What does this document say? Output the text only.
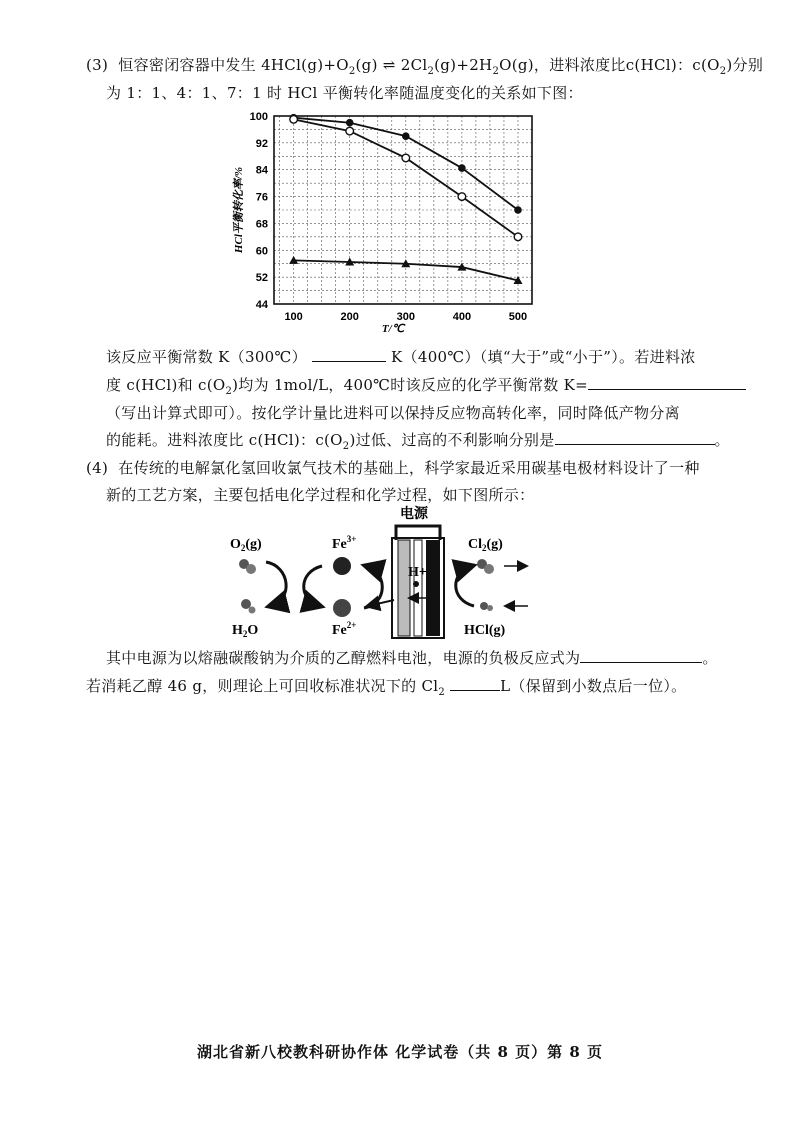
(3) 恒容密闭容器中发生 $4HCl(g)+O_2(g)$ ⇌ $2Cl_2(g)+2H_2O(g)$，进料浓度比c(HCl)：$c(O_2)$分别
为 1：1、4：1、7：1 时 HCl 平衡转化率随温度变化的关系如下图：
100
92
84
76
68
60
52
44
100	200	300	400	500
T/℃
HCl平衡转化率/%
该反应平衡常数 K（300℃）	K（400℃）（填“大于”或“小于”）。若进料浓
度 c(HCl)和 $c(O_2)$均为 1mol/L，400℃时该反应的化学平衡常数 K=
（写出计算式即可）。按化学计量比进料可以保持反应物高转化率，同时降低产物分离
的能耗。进料浓度比 c(HCl)：$c(O_2)$过低、过高的不利影响分别是	。
(4) 在传统的电解氯化氢回收氯气技术的基础上，科学家最近采用碳基电极材料设计了一种
新的工艺方案，主要包括电化学过程和化学过程，如下图所示：
电源
H+
$O_2(g)$
$H_2O$
$Fe^{3+}$
$Fe^{2+}$
$Cl_2(g)$
HCl(g)
其中电源为以熔融碳酸钠为介质的乙醇燃料电池，电源的负极反应式为	。
若消耗乙醇 46 g，则理论上可回收标准状况下的 $Cl_2$	L（保留到小数点后一位）。
湖北省新八校教科研协作体 化学试卷（共 8 页）第 8 页
